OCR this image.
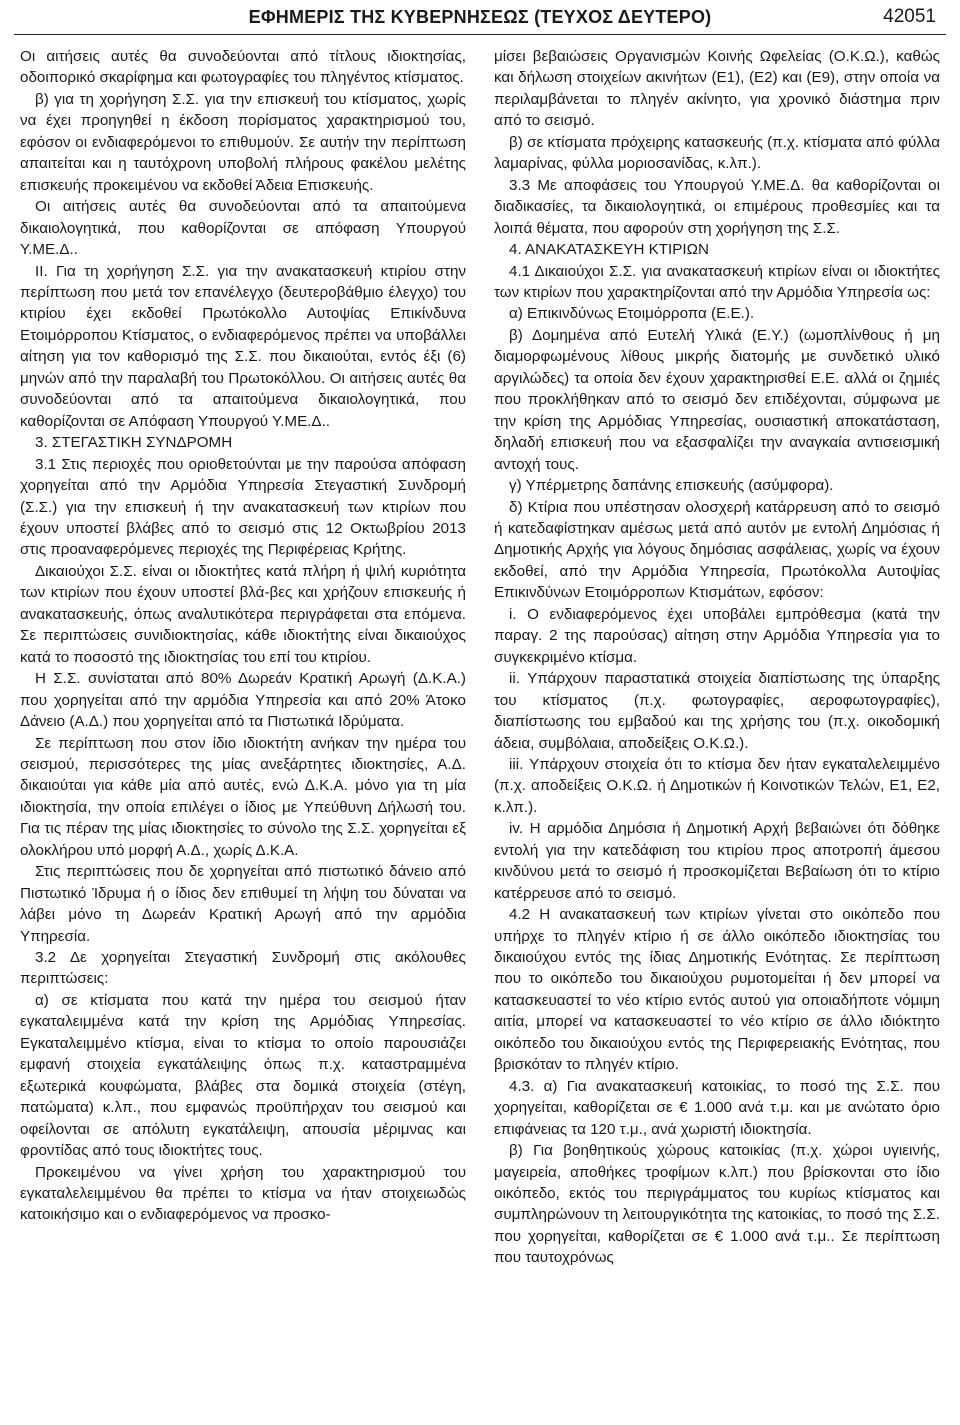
ΕΦΗΜΕΡΙΣ ΤΗΣ ΚΥΒΕΡΝΗΣΕΩΣ (ΤΕΥΧΟΣ ΔΕΥΤΕΡΟ)	42051

Οι αιτήσεις αυτές θα συνοδεύονται από τίτλους ιδιοκτησίας, οδοιπορικό σκαρίφημα και φωτογραφίες του πληγέντος κτίσματος.

β) για τη χορήγηση Σ.Σ. για την επισκευή του κτίσματος, χωρίς να έχει προηγηθεί η έκδοση πορίσματος χαρακτηρισμού του, εφόσον οι ενδιαφερόμενοι το επιθυμούν. Σε αυτήν την περίπτωση απαιτείται και η ταυτόχρονη υποβολή πλήρους φακέλου μελέτης επισκευής προκειμένου να εκδοθεί Άδεια Επισκευής.

Οι αιτήσεις αυτές θα συνοδεύονται από τα απαιτούμενα δικαιολογητικά, που καθορίζονται σε απόφαση Υπουργού Υ.ΜΕ.Δ..

ΙΙ. Για τη χορήγηση Σ.Σ. για την ανακατασκευή κτιρίου στην περίπτωση που μετά τον επανέλεγχο (δευτεροβάθμιο έλεγχο) του κτιρίου έχει εκδοθεί Πρωτόκολλο Αυτοψίας Επικίνδυνα Ετοιμόρροπου Κτίσματος, ο ενδιαφερόμενος πρέπει να υποβάλλει αίτηση για τον καθορισμό της Σ.Σ. που δικαιούται, εντός έξι (6) μηνών από την παραλαβή του Πρωτοκόλλου. Οι αιτήσεις αυτές θα συνοδεύονται από τα απαιτούμενα δικαιολογητικά, που καθορίζονται σε Απόφαση Υπουργού Υ.ΜΕ.Δ..

3. ΣΤΕΓΑΣΤΙΚΗ ΣΥΝΔΡΟΜΗ

3.1 Στις περιοχές που οριοθετούνται με την παρούσα απόφαση χορηγείται από την Αρμόδια Υπηρεσία Στεγαστική Συνδρομή (Σ.Σ.) για την επισκευή ή την ανακατασκευή των κτιρίων που έχουν υποστεί βλάβες από το σεισμό στις 12 Οκτωβρίου 2013 στις προαναφερόμενες περιοχές της Περιφέρειας Κρήτης.

Δικαιούχοι Σ.Σ. είναι οι ιδιοκτήτες κατά πλήρη ή ψιλή κυριότητα των κτιρίων που έχουν υποστεί βλά-βες και χρήζουν επισκευής ή ανακατασκευής, όπως αναλυτικότερα περιγράφεται στα επόμενα. Σε περιπτώσεις συνιδιοκτησίας, κάθε ιδιοκτήτης είναι δικαιούχος κατά το ποσοστό της ιδιοκτησίας του επί του κτιρίου.

Η Σ.Σ. συνίσταται από 80% Δωρεάν Κρατική Αρωγή (Δ.Κ.Α.) που χορηγείται από την αρμόδια Υπηρεσία και από 20% Άτοκο Δάνειο (Α.Δ.) που χορηγείται από τα Πιστωτικά Ιδρύματα.

Σε περίπτωση που στον ίδιο ιδιοκτήτη ανήκαν την ημέρα του σεισμού, περισσότερες της μίας ανεξάρτητες ιδιοκτησίες, Α.Δ. δικαιούται για κάθε μία από αυτές, ενώ Δ.Κ.Α. μόνο για τη μία ιδιοκτησία, την οποία επιλέγει ο ίδιος με Υπεύθυνη Δήλωσή του. Για τις πέραν της μίας ιδιοκτησίες το σύνολο της Σ.Σ. χορηγείται εξ ολοκλήρου υπό μορφή Α.Δ., χωρίς Δ.Κ.Α.

Στις περιπτώσεις που δε χορηγείται από πιστωτικό δάνειο από Πιστωτικό Ίδρυμα ή ο ίδιος δεν επιθυμεί τη λήψη του δύναται να λάβει μόνο τη Δωρεάν Κρατική Αρωγή από την αρμόδια Υπηρεσία.

3.2 Δε χορηγείται Στεγαστική Συνδρομή στις ακόλουθες περιπτώσεις:

α) σε κτίσματα που κατά την ημέρα του σεισμού ήταν εγκαταλειμμένα κατά την κρίση της Αρμόδιας Υπηρεσίας. Εγκαταλειμμένο κτίσμα, είναι το κτίσμα το οποίο παρουσιάζει εμφανή στοιχεία εγκατάλειψης όπως π.χ. καταστραμμένα εξωτερικά κουφώματα, βλάβες στα δομικά στοιχεία (στέγη, πατώματα) κ.λπ., που εμφανώς προϋπήρχαν του σεισμού και οφείλονται σε απόλυτη εγκατάλειψη, απουσία μέριμνας και φροντίδας από τους ιδιοκτήτες τους.

Προκειμένου να γίνει χρήση του χαρακτηρισμού του εγκαταλελειμμένου θα πρέπει το κτίσμα να ήταν στοιχειωδώς κατοικήσιμο και ο ενδιαφερόμενος να προσκο-

μίσει βεβαιώσεις Οργανισμών Κοινής Ωφελείας (Ο.Κ.Ω.), καθώς και δήλωση στοιχείων ακινήτων (Ε1), (Ε2) και (Ε9), στην οποία να περιλαμβάνεται το πληγέν ακίνητο, για χρονικό διάστημα πριν από το σεισμό.

β) σε κτίσματα πρόχειρης κατασκευής (π.χ. κτίσματα από φύλλα λαμαρίνας, φύλλα μοριοσανίδας, κ.λπ.).

3.3 Με αποφάσεις του Υπουργού Υ.ΜΕ.Δ. θα καθορίζονται οι διαδικασίες, τα δικαιολογητικά, οι επιμέρους προθεσμίες και τα λοιπά θέματα, που αφορούν στη χορήγηση της Σ.Σ.

4. ΑΝΑΚΑΤΑΣΚΕΥΗ ΚΤΙΡΙΩΝ

4.1 Δικαιούχοι Σ.Σ. για ανακατασκευή κτιρίων είναι οι ιδιοκτήτες των κτιρίων που χαρακτηρίζονται από την Αρμόδια Υπηρεσία ως:

α) Επικινδύνως Ετοιμόρροπα (Ε.Ε.).

β) Δομημένα από Ευτελή Υλικά (Ε.Υ.) (ωμοπλίνθους ή μη διαμορφωμένους λίθους μικρής διατομής με συνδετικό υλικό αργιλώδες) τα οποία δεν έχουν χαρακτηρισθεί Ε.Ε. αλλά οι ζημιές που προκλήθηκαν από το σεισμό δεν επιδέχονται, σύμφωνα με την κρίση της Αρμόδιας Υπηρεσίας, ουσιαστική αποκατάσταση, δηλαδή επισκευή που να εξασφαλίζει την αναγκαία αντισεισμική αντοχή τους.

γ) Υπέρμετρης δαπάνης επισκευής (ασύμφορα).

δ) Κτίρια που υπέστησαν ολοσχερή κατάρρευση από το σεισμό ή κατεδαφίστηκαν αμέσως μετά από αυτόν με εντολή Δημόσιας ή Δημοτικής Αρχής για λόγους δημόσιας ασφάλειας, χωρίς να έχουν εκδοθεί, από την Αρμόδια Υπηρεσία, Πρωτόκολλα Αυτοψίας Επικινδύνων Ετοιμόρροπων Κτισμάτων, εφόσον:

i. Ο ενδιαφερόμενος έχει υποβάλει εμπρόθεσμα (κατά την παραγ. 2 της παρούσας) αίτηση στην Αρμόδια Υπηρεσία για το συγκεκριμένο κτίσμα.

ii. Υπάρχουν παραστατικά στοιχεία διαπίστωσης της ύπαρξης του κτίσματος (π.χ. φωτογραφίες, αεροφωτογραφίες), διαπίστωσης του εμβαδού και της χρήσης του (π.χ. οικοδομική άδεια, συμβόλαια, αποδείξεις Ο.Κ.Ω.).

iii. Υπάρχουν στοιχεία ότι το κτίσμα δεν ήταν εγκαταλελειμμένο (π.χ. αποδείξεις Ο.Κ.Ω. ή Δημοτικών ή Κοινοτικών Τελών, Ε1, Ε2, κ.λπ.).

iv. Η αρμόδια Δημόσια ή Δημοτική Αρχή βεβαιώνει ότι δόθηκε εντολή για την κατεδάφιση του κτιρίου προς αποτροπή άμεσου κινδύνου μετά το σεισμό ή προσκομίζεται Βεβαίωση ότι το κτίριο κατέρρευσε από το σεισμό.

4.2 Η ανακατασκευή των κτιρίων γίνεται στο οικόπεδο που υπήρχε το πληγέν κτίριο ή σε άλλο οικόπεδο ιδιοκτησίας του δικαιούχου εντός της ίδιας Δημοτικής Ενότητας. Σε περίπτωση που το οικόπεδο του δικαιούχου ρυμοτομείται ή δεν μπορεί να κατασκευαστεί το νέο κτίριο εντός αυτού για οποιαδήποτε νόμιμη αιτία, μπορεί να κατασκευαστεί το νέο κτίριο σε άλλο ιδιόκτητο οικόπεδο του δικαιούχου εντός της Περιφερειακής Ενότητας, που βρισκόταν το πληγέν κτίριο.

4.3. α) Για ανακατασκευή κατοικίας, το ποσό της Σ.Σ. που χορηγείται, καθορίζεται σε € 1.000 ανά τ.μ. και με ανώτατο όριο επιφάνειας τα 120 τ.μ., ανά χωριστή ιδιοκτησία.

β) Για βοηθητικούς χώρους κατοικίας (π.χ. χώροι υγιεινής, μαγειρεία, αποθήκες τροφίμων κ.λπ.) που βρίσκονται στο ίδιο οικόπεδο, εκτός του περιγράμματος του κυρίως κτίσματος και συμπληρώνουν τη λειτουργικότητα της κατοικίας, το ποσό της Σ.Σ. που χορηγείται, καθορίζεται σε € 1.000 ανά τ.μ.. Σε περίπτωση που ταυτοχρόνως
